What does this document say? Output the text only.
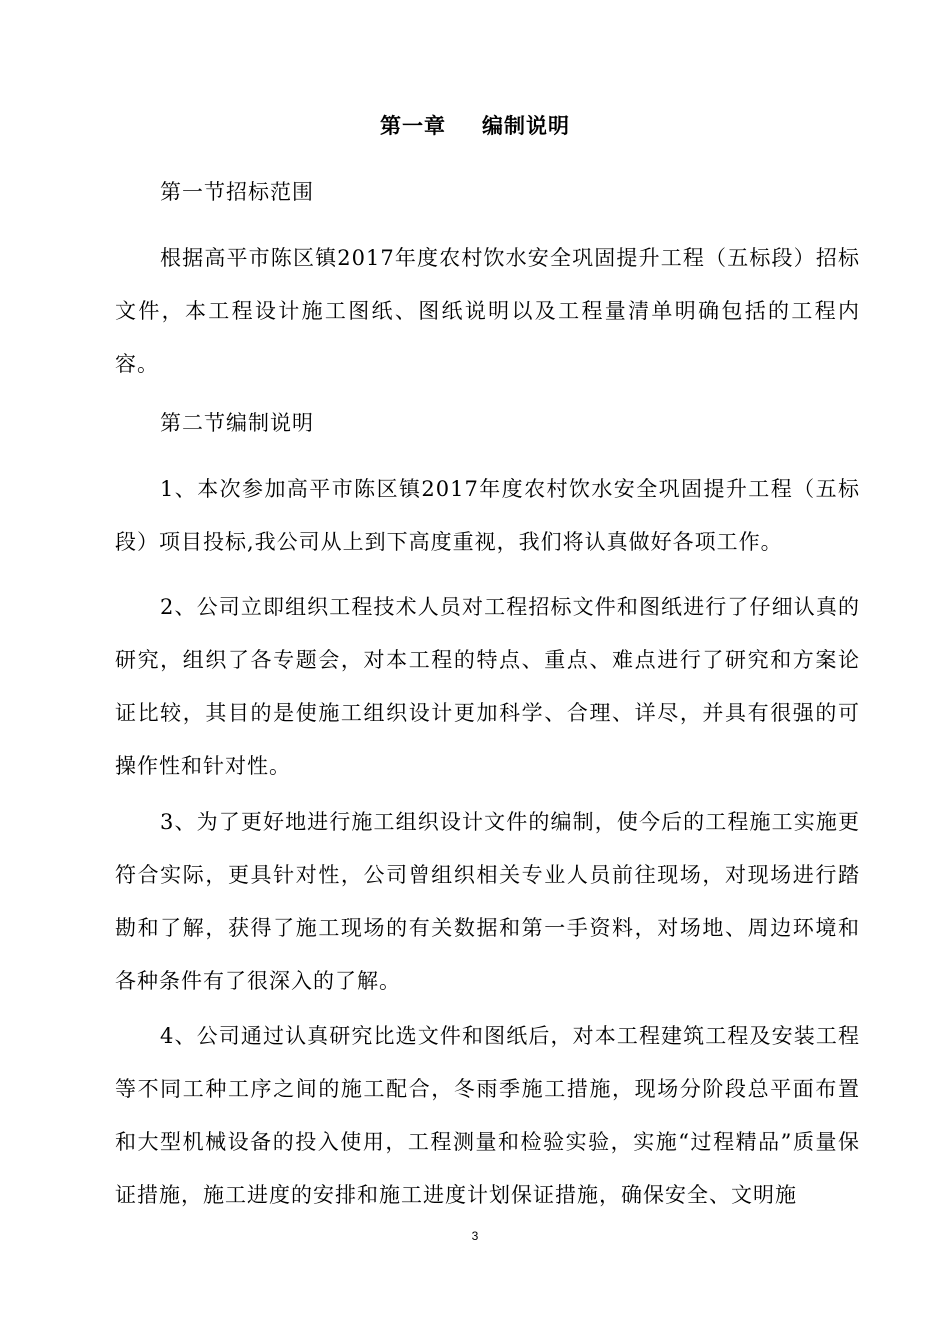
第一章 编制说明
第一节招标范围
根据高平市陈区镇2017年度农村饮水安全巩固提升工程（五标段）招标文件，本工程设计施工图纸、图纸说明以及工程量清单明确包括的工程内容。
第二节编制说明
1、本次参加高平市陈区镇2017年度农村饮水安全巩固提升工程（五标段）项目投标,我公司从上到下高度重视，我们将认真做好各项工作。
2、公司立即组织工程技术人员对工程招标文件和图纸进行了仔细认真的研究，组织了各专题会，对本工程的特点、重点、难点进行了研究和方案论证比较，其目的是使施工组织设计更加科学、合理、详尽，并具有很强的可操作性和针对性。
3、为了更好地进行施工组织设计文件的编制，使今后的工程施工实施更符合实际，更具针对性，公司曾组织相关专业人员前往现场，对现场进行踏勘和了解，获得了施工现场的有关数据和第一手资料，对场地、周边环境和各种条件有了很深入的了解。
4、公司通过认真研究比选文件和图纸后，对本工程建筑工程及安装工程等不同工种工序之间的施工配合，冬雨季施工措施，现场分阶段总平面布置和大型机械设备的投入使用，工程测量和检验实验，实施“过程精品”质量保证措施，施工进度的安排和施工进度计划保证措施，确保安全、文明施
3
